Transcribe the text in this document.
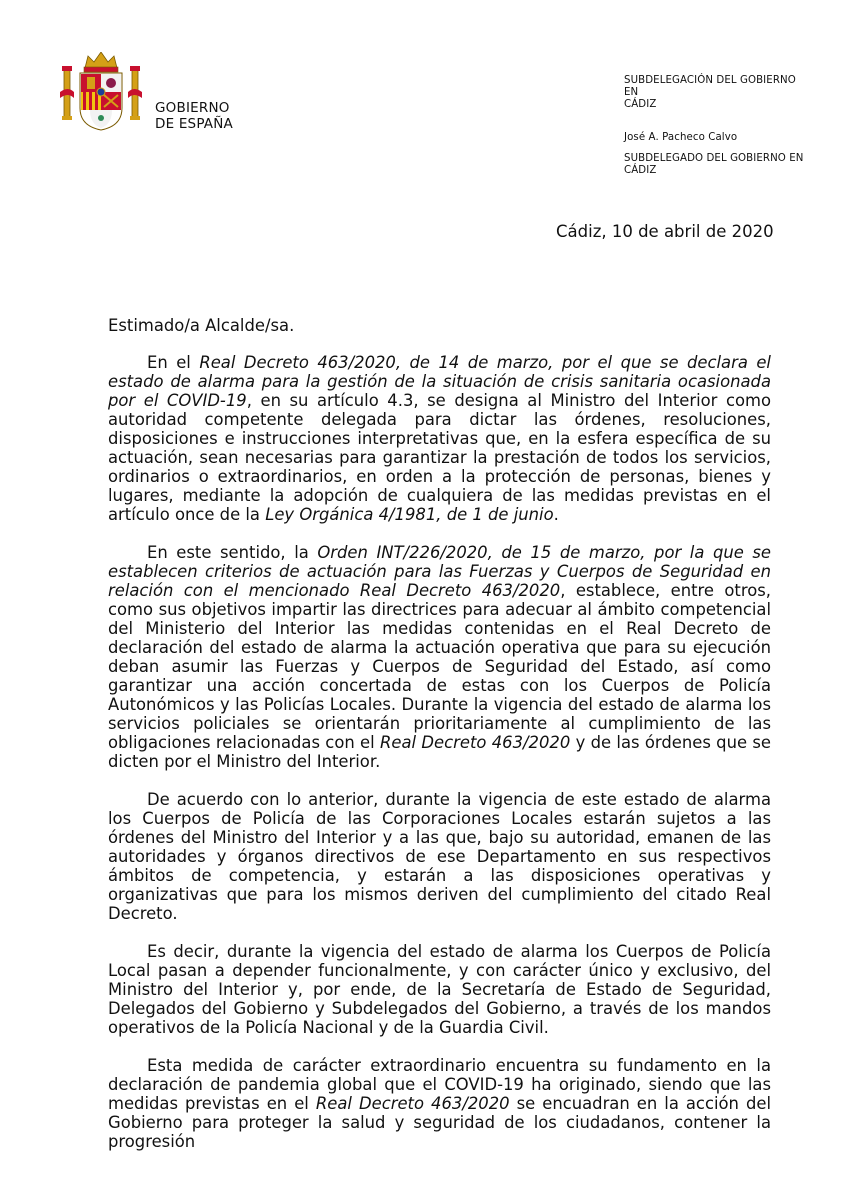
GOBIERNO
DE ESPAÑA
SUBDELEGACIÓN DEL GOBIERNO
EN
CÁDIZ
José A. Pacheco Calvo
SUBDELEGADO DEL GOBIERNO EN
CÁDIZ
Cádiz, 10 de abril de 2020
Estimado/a Alcalde/sa.

En el Real Decreto 463/2020, de 14 de marzo, por el que se declara el estado de alarma para la gestión de la situación de crisis sanitaria ocasionada por el COVID-19, en su artículo 4.3, se designa al Ministro del Interior como autoridad competente delegada para dictar las órdenes, resoluciones, disposiciones e instrucciones interpretativas que, en la esfera específica de su actuación, sean necesarias para garantizar la prestación de todos los servicios, ordinarios o extraordinarios, en orden a la protección de personas, bienes y lugares, mediante la adopción de cualquiera de las medidas previstas en el artículo once de la Ley Orgánica 4/1981, de 1 de junio.

En este sentido, la Orden INT/226/2020, de 15 de marzo, por la que se establecen criterios de actuación para las Fuerzas y Cuerpos de Seguridad en relación con el mencionado Real Decreto 463/2020, establece, entre otros, como sus objetivos impartir las directrices para adecuar al ámbito competencial del Ministerio del Interior las medidas contenidas en el Real Decreto de declaración del estado de alarma la actuación operativa que para su ejecución deban asumir las Fuerzas y Cuerpos de Seguridad del Estado, así como garantizar una acción concertada de estas con los Cuerpos de Policía Autonómicos y las Policías Locales. Durante la vigencia del estado de alarma los servicios policiales se orientarán prioritariamente al cumplimiento de las obligaciones relacionadas con el Real Decreto 463/2020 y de las órdenes que se dicten por el Ministro del Interior.

De acuerdo con lo anterior, durante la vigencia de este estado de alarma los Cuerpos de Policía de las Corporaciones Locales estarán sujetos a las órdenes del Ministro del Interior y a las que, bajo su autoridad, emanen de las autoridades y órganos directivos de ese Departamento en sus respectivos ámbitos de competencia, y estarán a las disposiciones operativas y organizativas que para los mismos deriven del cumplimiento del citado Real Decreto.

Es decir, durante la vigencia del estado de alarma los Cuerpos de Policía Local pasan a depender funcionalmente, y con carácter único y exclusivo, del Ministro del Interior y, por ende, de la Secretaría de Estado de Seguridad, Delegados del Gobierno y Subdelegados del Gobierno, a través de los mandos operativos de la Policía Nacional y de la Guardia Civil.

Esta medida de carácter extraordinario encuentra su fundamento en la declaración de pandemia global que el COVID-19 ha originado, siendo que las medidas previstas en el Real Decreto 463/2020 se encuadran en la acción del Gobierno para proteger la salud y seguridad de los ciudadanos, contener la progresión
